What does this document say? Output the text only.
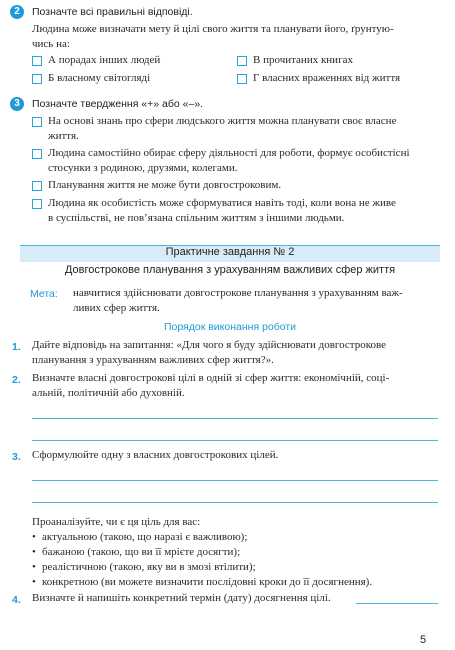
2	Позначте всі правильні відповіді.
Людина може визначати мету й цілі свого життя та планувати його, ґрунтую-
чись на:
А порадах інших людей
Б власному світогляді
В прочитаних книгах
Г власних враженнях від життя
3	Позначте твердження «+» або «–».
На основі знань про сфери людського життя можна планувати своє власне
життя.
Людина самостійно обирає сферу діяльності для роботи, формує особистісні
стосунки з родиною, друзями, колегами.
Планування життя не може бути довгостроковим.
Людина як особистість може сформуватися навіть тоді, коли вона не живе
в суспільстві, не пов’язана спільним життям з іншими людьми.
Практичне завдання № 2
Довгострокове планування з урахуванням важливих сфер життя
Мета: навчитися здійснювати довгострокове планування з урахуванням важ-
ливих сфер життя.
Порядок виконання роботи
1. Дайте відповідь на запитання: «Для чого я буду здійснювати довгострокове
планування з урахуванням важливих сфер життя?».
2. Визначте власні довгострокові цілі в одній зі сфер життя: економічній, соці-
альній, політичній або духовній.
3. Сформулюйте одну з власних довгострокових цілей.
Проаналізуйте, чи є ця ціль для вас:
• актуальною (такою, що наразі є важливою);
• бажаною (такою, що ви її мрієте досягти);
• реалістичною (такою, яку ви в змозі втілити);
• конкретною (ви можете визначити послідовні кроки до її досягнення).
4. Визначте й напишіть конкретний термін (дату) досягнення цілі.
5
